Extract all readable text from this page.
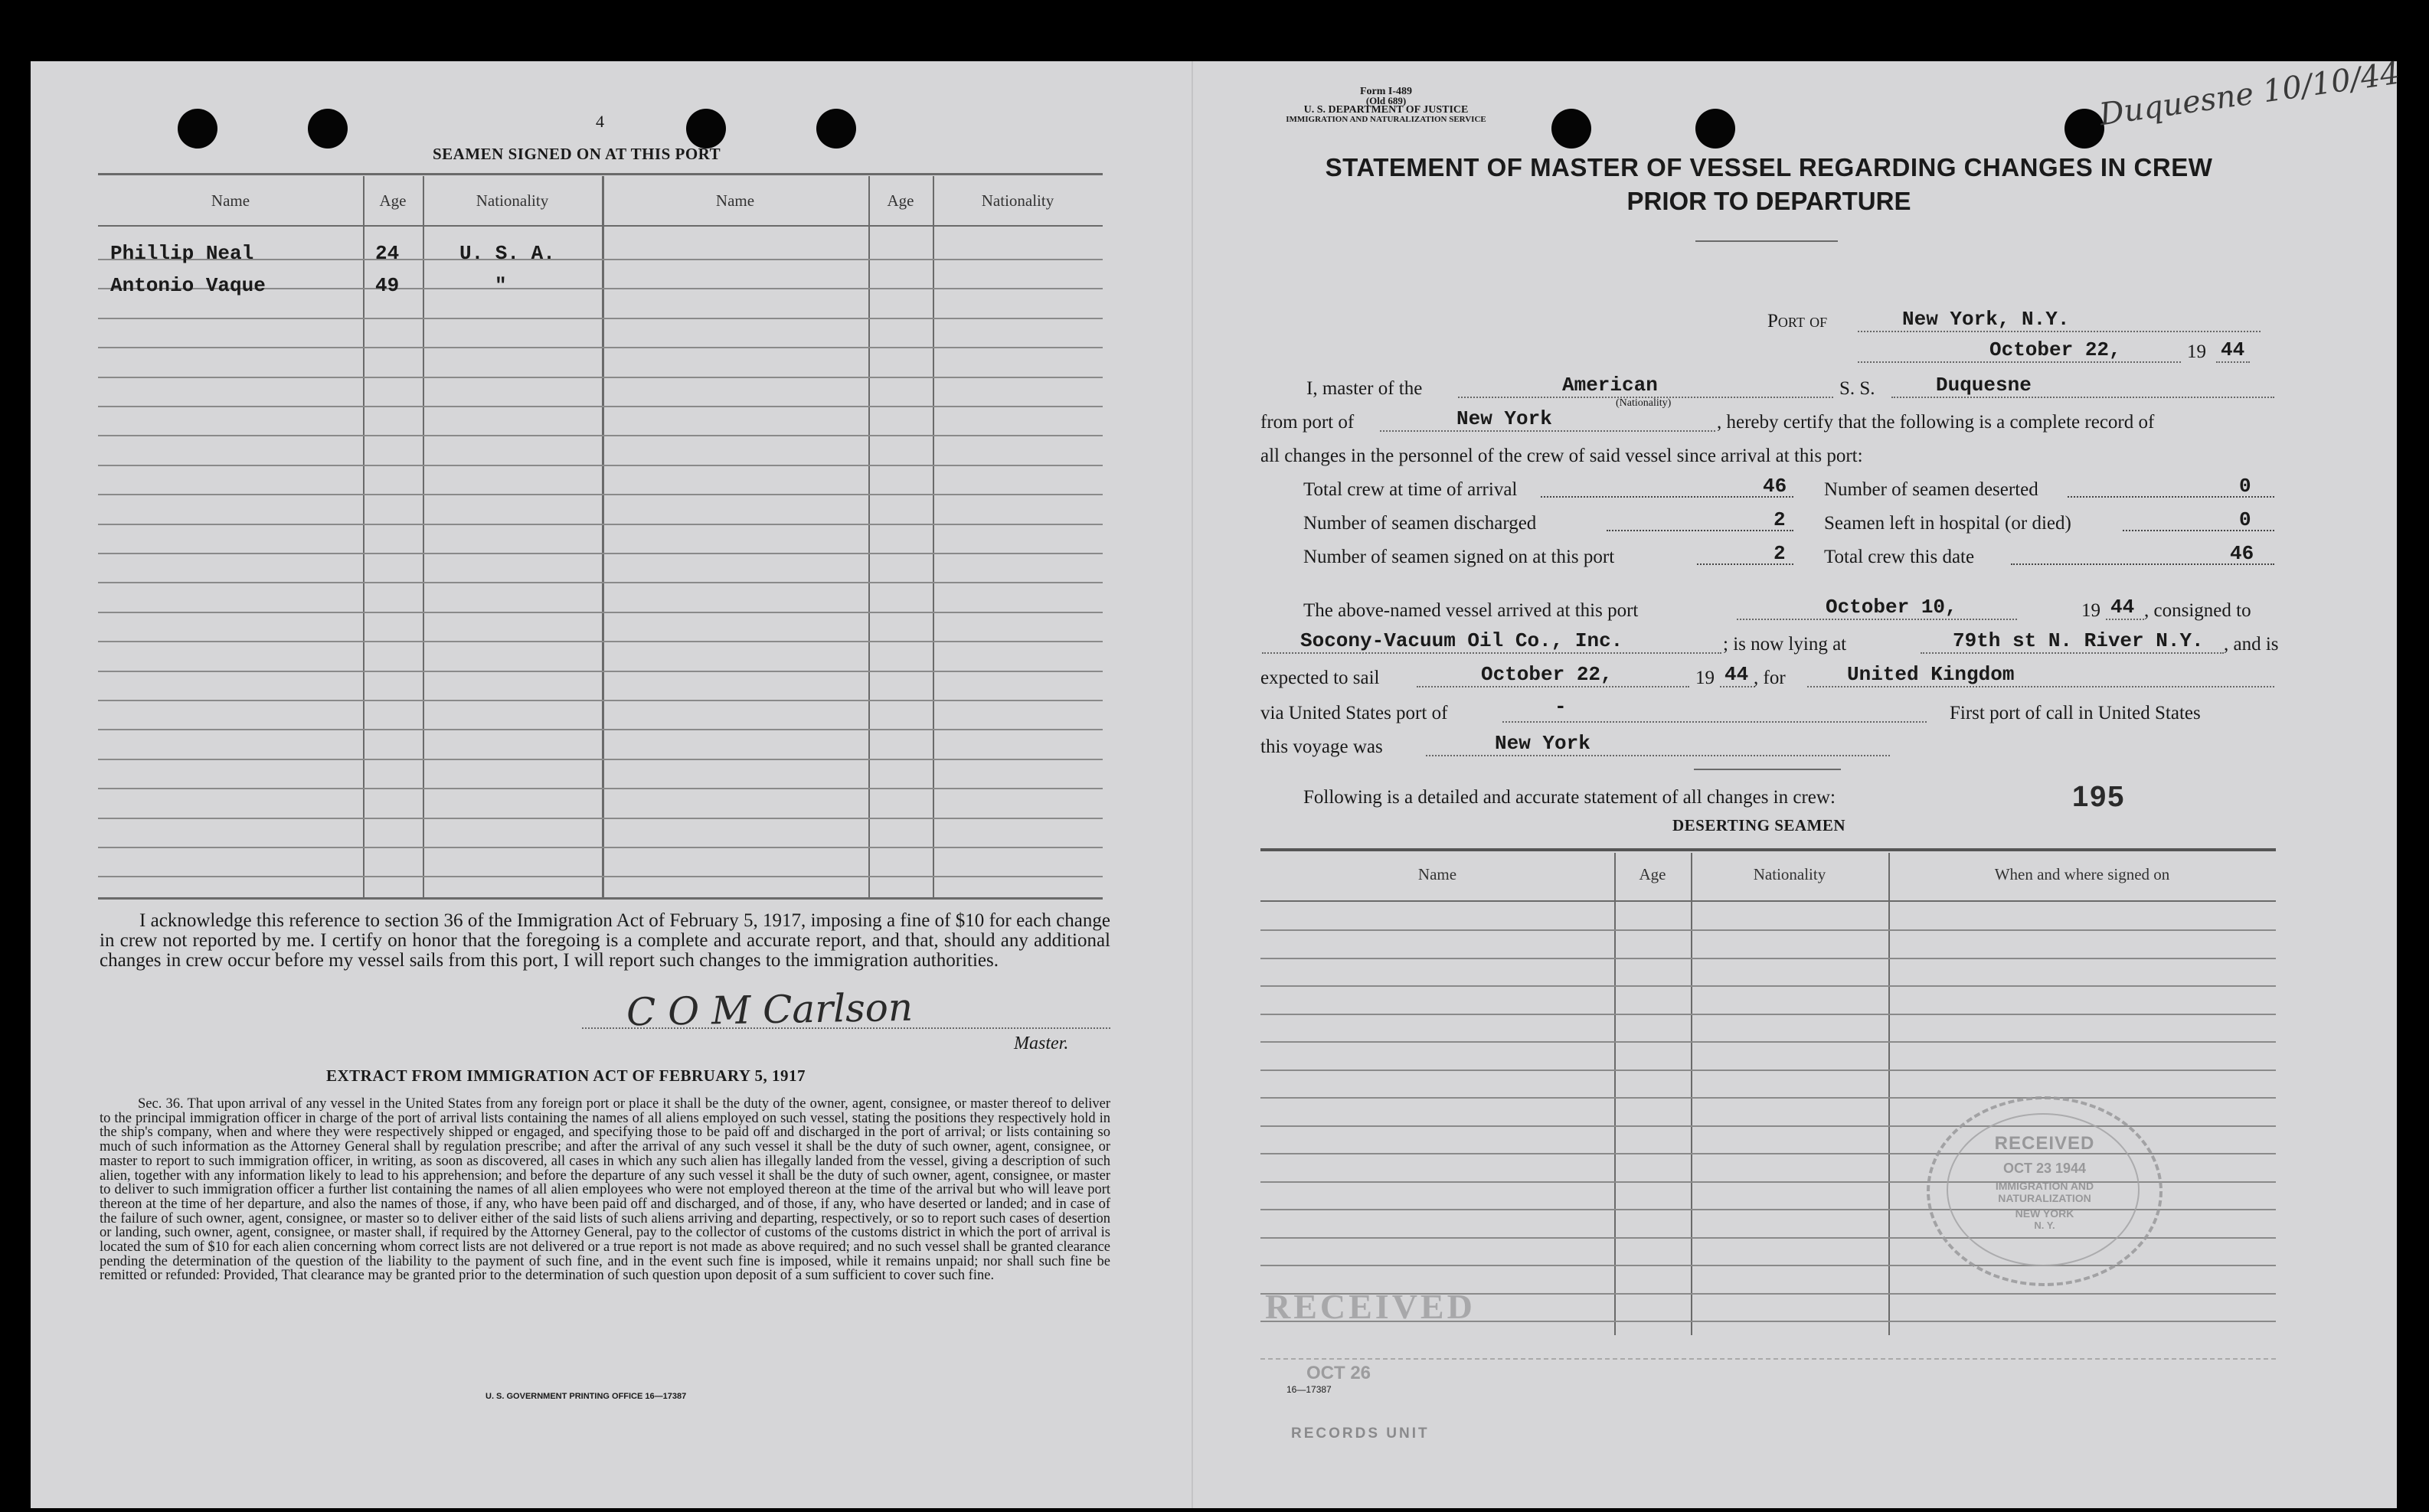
4
SEAMEN SIGNED ON AT THIS PORT
Name	Age	Nationality	Name	Age	Nationality
Phillip Neal	24	U. S. A.
Antonio Vaque	49	"
I acknowledge this reference to section 36 of the Immigration Act of February 5, 1917, imposing a fine of $10 for each change in crew not reported by me. I certify on honor that the foregoing is a complete and accurate report, and that, should any additional changes in crew occur before my vessel sails from this port, I will report such changes to the immigration authorities.
C O M Carlson
Master.
EXTRACT FROM IMMIGRATION ACT OF FEBRUARY 5, 1917
Sec. 36. That upon arrival of any vessel in the United States from any foreign port or place it shall be the duty of the owner, agent, consignee, or master thereof to deliver to the principal immigration officer in charge of the port of arrival lists containing the names of all aliens employed on such vessel, stating the positions they respectively hold in the ship's company, when and where they were respectively shipped or engaged, and specifying those to be paid off and discharged in the port of arrival; or lists containing so much of such information as the Attorney General shall by regulation prescribe; and after the arrival of any such vessel it shall be the duty of such owner, agent, consignee, or master to report to such immigration officer, in writing, as soon as discovered, all cases in which any such alien has illegally landed from the vessel, giving a description of such alien, together with any information likely to lead to his apprehension; and before the departure of any such vessel it shall be the duty of such owner, agent, consignee, or master to deliver to such immigration officer a further list containing the names of all alien employees who were not employed thereon at the time of the arrival but who will leave port thereon at the time of her departure, and also the names of those, if any, who have been paid off and discharged, and of those, if any, who have deserted or landed; and in case of the failure of such owner, agent, consignee, or master so to deliver either of the said lists of such aliens arriving and departing, respectively, or so to report such cases of desertion or landing, such owner, agent, consignee, or master shall, if required by the Attorney General, pay to the collector of customs of the customs district in which the port of arrival is located the sum of $10 for each alien concerning whom correct lists are not delivered or a true report is not made as above required; and no such vessel shall be granted clearance pending the determination of the question of the liability to the payment of such fine, and in the event such fine is imposed, while it remains unpaid; nor shall such fine be remitted or refunded: Provided, That clearance may be granted prior to the determination of such question upon deposit of a sum sufficient to cover such fine.
U. S. GOVERNMENT PRINTING OFFICE 16—17387
Form I-489
(Old 689)
U. S. DEPARTMENT OF JUSTICE
IMMIGRATION AND NATURALIZATION SERVICE	Duquesne 10/10/44
STATEMENT OF MASTER OF VESSEL REGARDING CHANGES IN CREW
PRIOR TO DEPARTURE
Port of	New York, N.Y.
October 22,	19 44
I, master of the	American
(Nationality)
S. S.	Duquesne
from port of	New York	, hereby certify that the following is a complete record of
all changes in the personnel of the crew of said vessel since arrival at this port:
Total crew at time of arrival	46
Number of seamen discharged	2
Number of seamen signed on at this port	2
Number of seamen deserted	0
Seamen left in hospital (or died)	0
Total crew this date	46
The above-named vessel arrived at this port	October 10,	19 44 , consigned to
Socony-Vacuum Oil Co., Inc.	; is now lying at	79th st N. River N.Y. , and is
expected to sail	October 22,	19 44 , for	United Kingdom
via United States port of	-	First port of call in United States
this voyage was	New York
Following is a detailed and accurate statement of all changes in crew:	195
DESERTING SEAMEN
Name	Age	Nationality	When and where signed on
RECEIVED
OCT 23 1944
IMMIGRATION AND
NATURALIZATION
NEW YORK
N. Y.
RECEIVED
OCT 26
16—17387
RECORDS UNIT
